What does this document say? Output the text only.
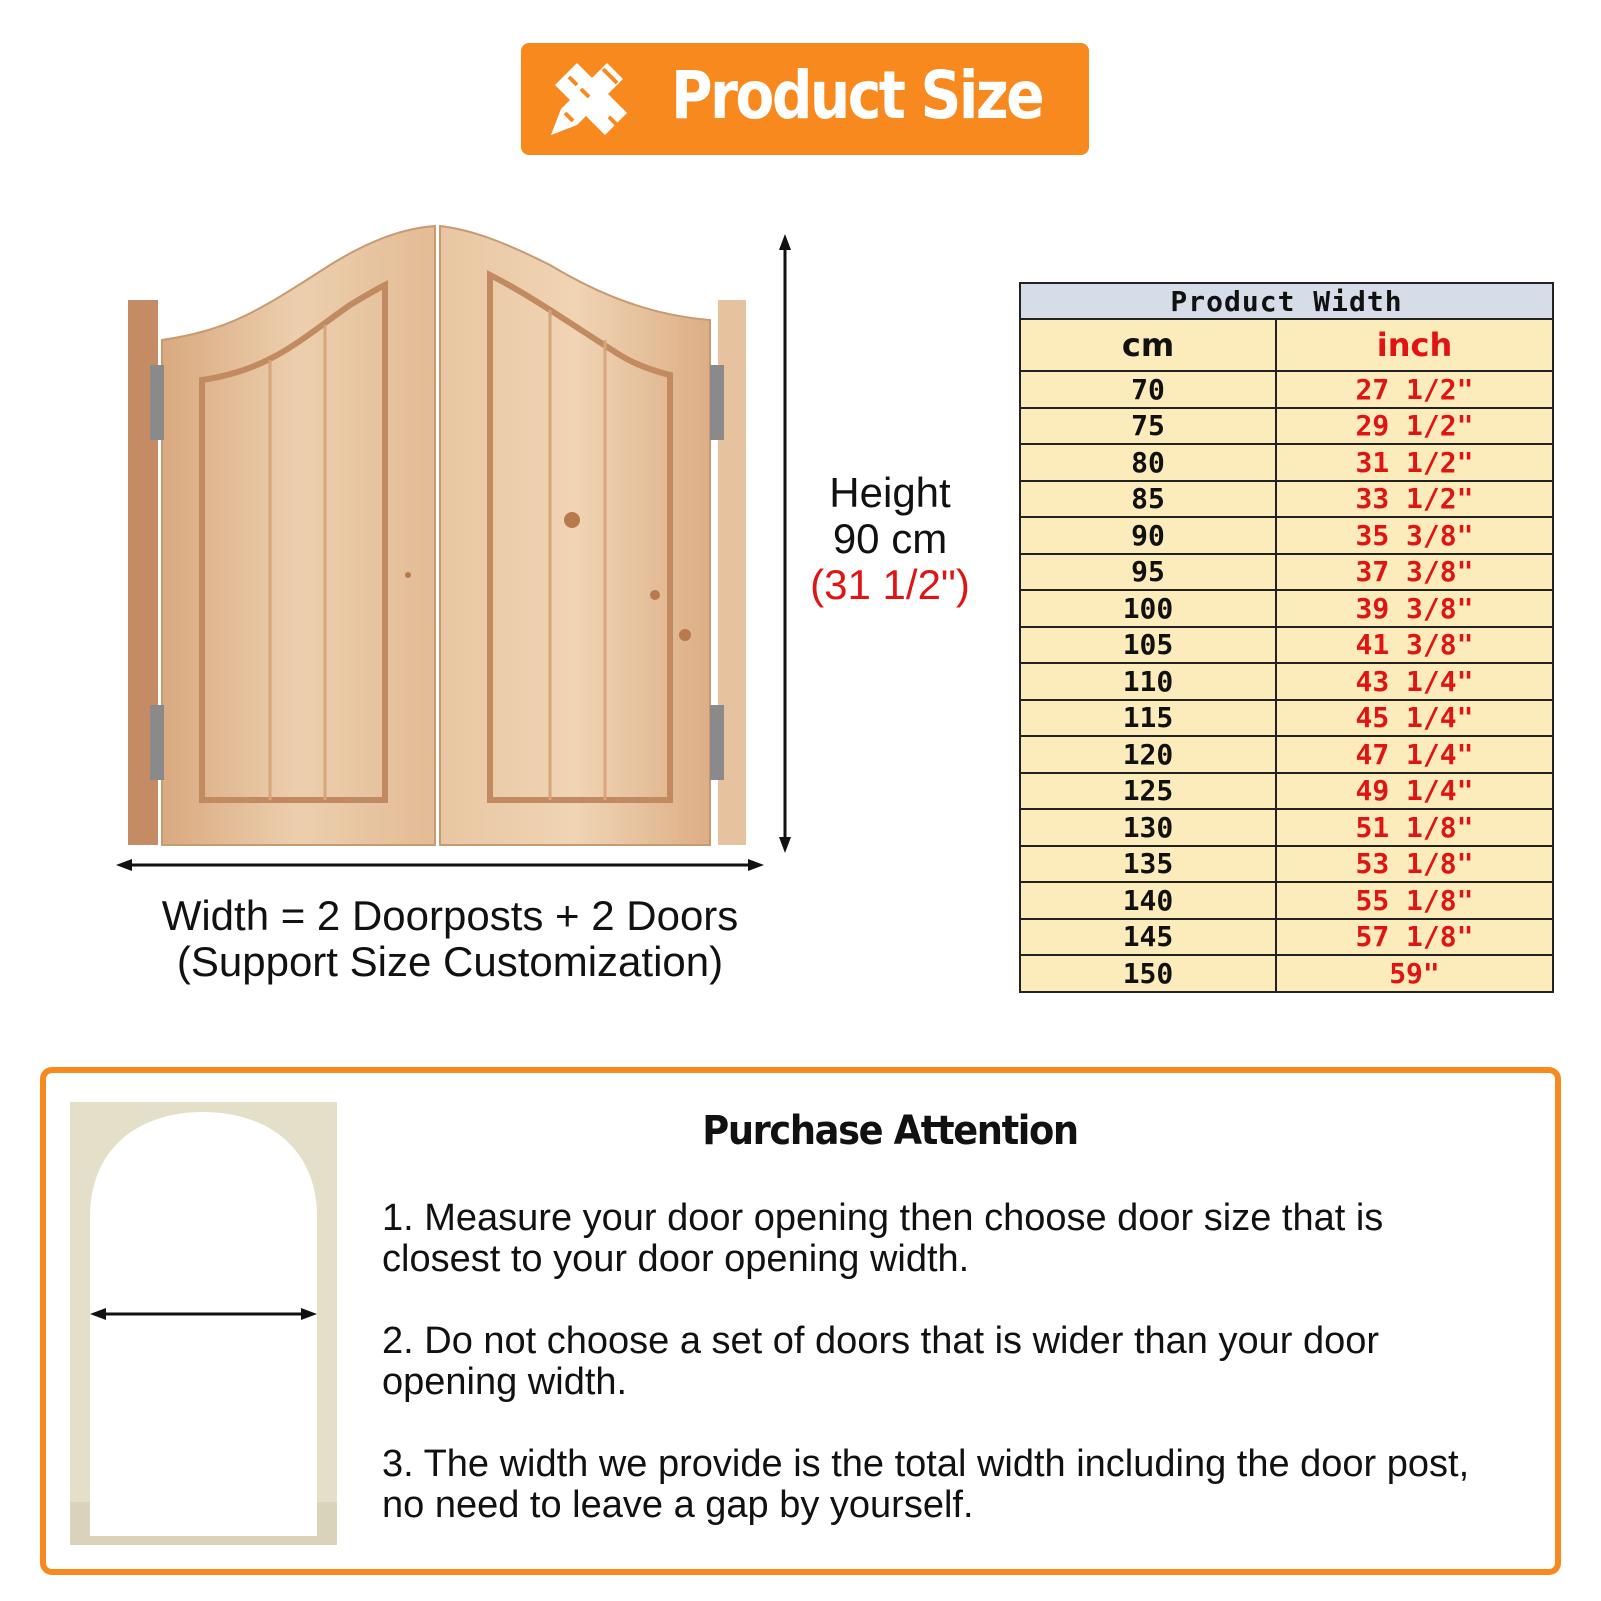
Product Size
Width = 2 Doorposts + 2 Doors
(Support Size Customization)
Height
90 cm
(31 1/2")
Product Width	
cm	inch
70	27 1/2"
75	29 1/2"
80	31 1/2"
85	33 1/2"
90	35 3/8"
95	37 3/8"
100	39 3/8"
105	41 3/8"
110	43 1/4"
115	45 1/4"
120	47 1/4"
125	49 1/4"
130	51 1/8"
135	53 1/8"
140	55 1/8"
145	57 1/8"
150	59"
Purchase Attention
1. Measure your door opening then choose door size that is
closest to your door opening width.
2. Do not choose a set of doors that is wider than your door
opening width.
3. The width we provide is the total width including the door post,
no need to leave a gap by yourself.
